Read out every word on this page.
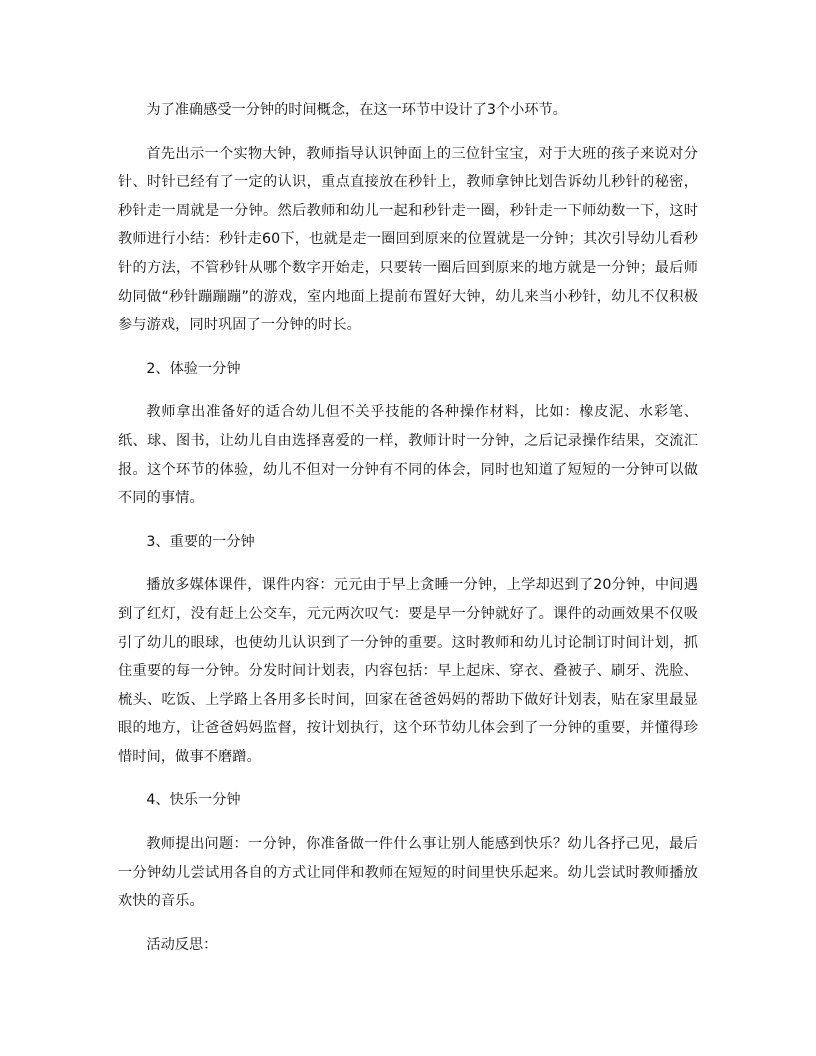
为了准确感受一分钟的时间概念，在这一环节中设计了3个小环节。

首先出示一个实物大钟，教师指导认识钟面上的三位针宝宝，对于大班的孩子来说对分针、时针已经有了一定的认识，重点直接放在秒针上，教师拿钟比划告诉幼儿秒针的秘密，秒针走一周就是一分钟。然后教师和幼儿一起和秒针走一圈，秒针走一下师幼数一下，这时教师进行小结：秒针走60下，也就是走一圈回到原来的位置就是一分钟；其次引导幼儿看秒针的方法，不管秒针从哪个数字开始走，只要转一圈后回到原来的地方就是一分钟；最后师幼同做“秒针蹦蹦蹦”的游戏，室内地面上提前布置好大钟，幼儿来当小秒针，幼儿不仅积极参与游戏，同时巩固了一分钟的时长。

2、体验一分钟

教师拿出准备好的适合幼儿但不关乎技能的各种操作材料，比如：橡皮泥、水彩笔、纸、球、图书，让幼儿自由选择喜爱的一样，教师计时一分钟，之后记录操作结果，交流汇报。这个环节的体验，幼儿不但对一分钟有不同的体会，同时也知道了短短的一分钟可以做不同的事情。

3、重要的一分钟

播放多媒体课件，课件内容：元元由于早上贪睡一分钟，上学却迟到了20分钟，中间遇到了红灯，没有赶上公交车，元元两次叹气：要是早一分钟就好了。课件的动画效果不仅吸引了幼儿的眼球，也使幼儿认识到了一分钟的重要。这时教师和幼儿讨论制订时间计划，抓住重要的每一分钟。分发时间计划表，内容包括：早上起床、穿衣、叠被子、刷牙、洗脸、梳头、吃饭、上学路上各用多长时间，回家在爸爸妈妈的帮助下做好计划表，贴在家里最显眼的地方，让爸爸妈妈监督，按计划执行，这个环节幼儿体会到了一分钟的重要，并懂得珍惜时间，做事不磨蹭。

4、快乐一分钟

教师提出问题：一分钟，你准备做一件什么事让别人能感到快乐？幼儿各抒己见，最后一分钟幼儿尝试用各自的方式让同伴和教师在短短的时间里快乐起来。幼儿尝试时教师播放欢快的音乐。

活动反思：
